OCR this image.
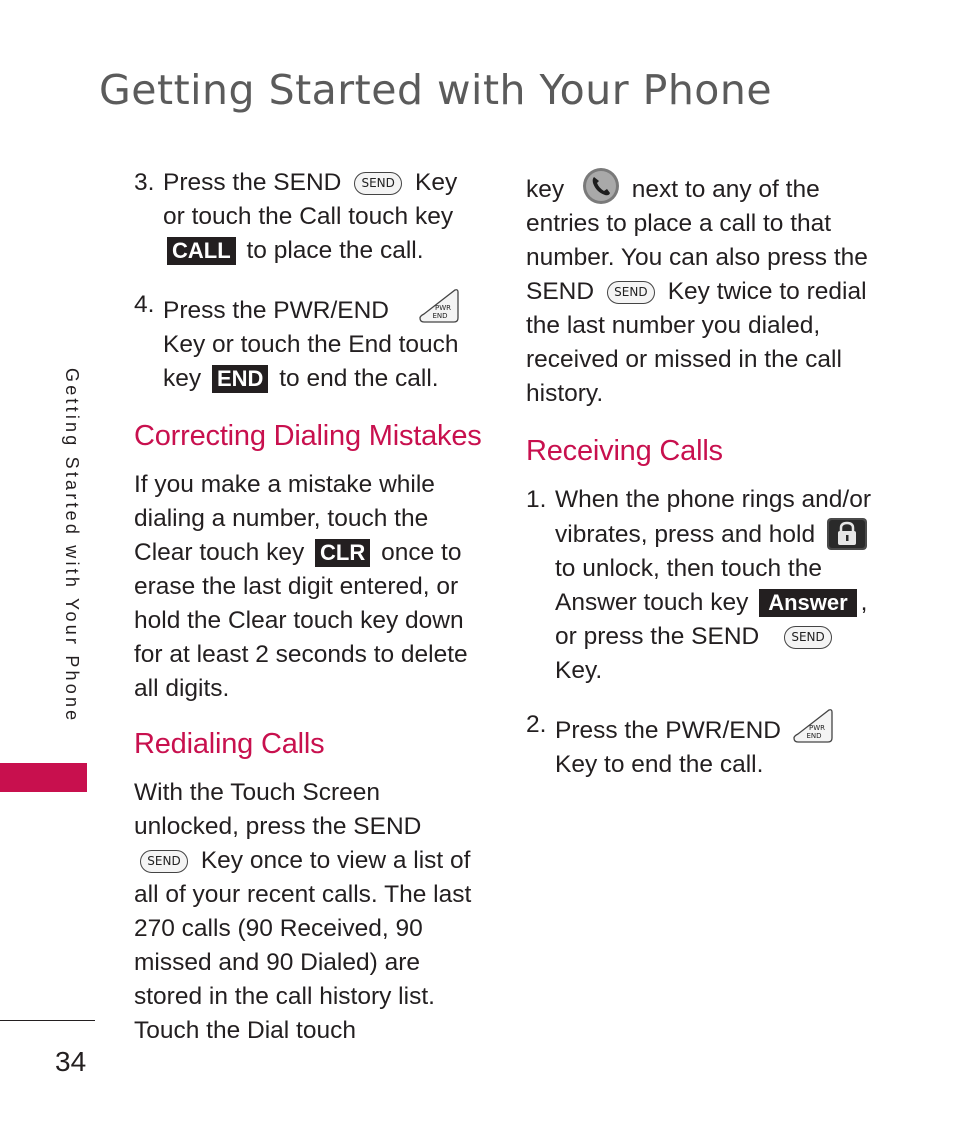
Getting Started with Your Phone
Getting Started with Your Phone

3. Press the SEND SEND Key or touch the Call touch key CALL to place the call.

4. Press the PWR/END	PWR
END
Key or touch the End touch key END to end the call.

Correcting Dialing Mistakes

If you make a mistake while dialing a number, touch the Clear touch key CLR once to erase the last digit entered, or hold the Clear touch key down for at least 2 seconds to delete all digits.

Redialing Calls

With the Touch Screen unlocked, press the SEND SEND Key once to view a list of all of your recent calls. The last 270 calls (90 Received, 90 missed and 90 Dialed) are stored in the call history list. Touch the Dial touch

key	next to any of the entries to place a call to that number. You can also press the SEND SEND Key twice to redial the last number you dialed, received or missed in the call history.

Receiving Calls

1. When the phone rings and/or vibrates, press and hold  to unlock, then touch the Answer touch key Answer , or press the SEND	SEND Key.

2. Press the PWR/END	PWR
END
Key to end the call.

34
